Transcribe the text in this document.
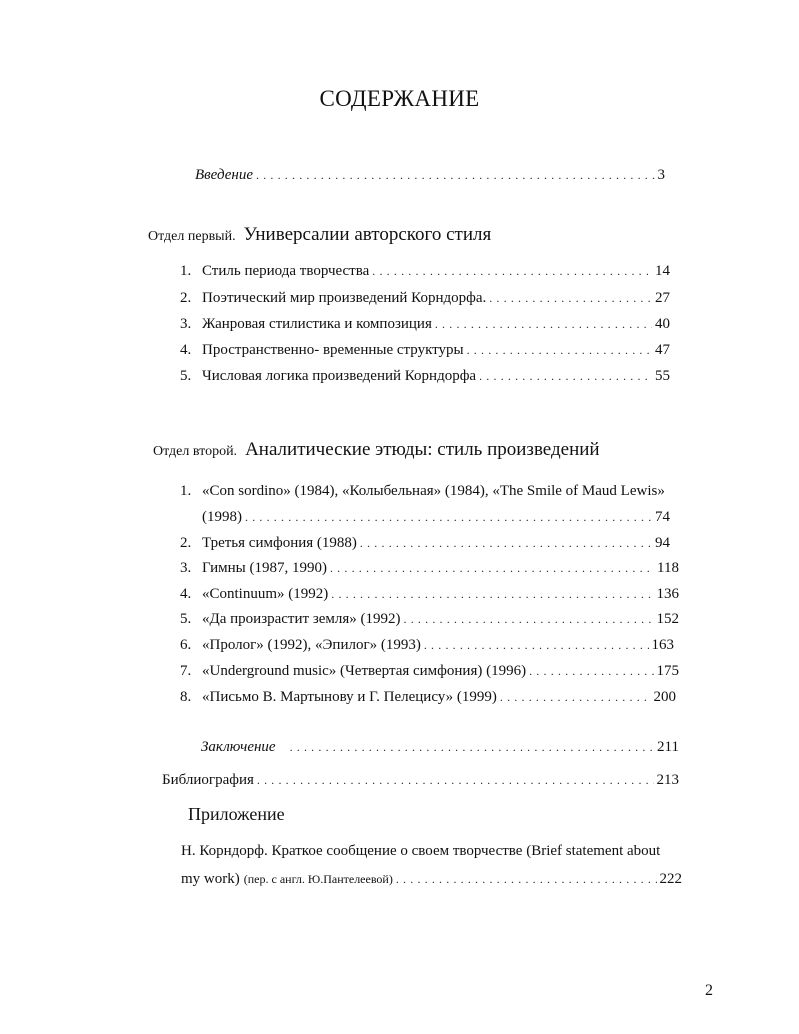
СОДЕРЖАНИЕ
Введение . . .	3
Отдел первый. Универсалии авторского стиля
1. Стиль периода творчества . . .	14
2. Поэтический мир произведений Корндорфа. . . .	27
3. Жанровая стилистика и композиция . . .	40
4. Пространственно- временные структуры . . .	47
5. Числовая логика произведений Корндорфа . . .	55
Отдел второй. Аналитические этюды: стиль произведений
1. «Con sordino» (1984), «Колыбельная» (1984), «The Smile of Maud Lewis»
(1998) . . .	74
2. Третья симфония (1988) . . .	94
3. Гимны (1987, 1990) . . .	118
4. «Continuum» (1992) . . .	136
5. «Да произрастит земля» (1992) . . .	152
6. «Пролог» (1992), «Эпилог» (1993) . . .	163
7. «Underground music» (Четвертая симфония) (1996) . . .	175
8. «Письмо В. Мартынову и Г. Пелецису» (1999) . . .	200
Заключение . . .	211
Библиография . . .	213
Приложение
Н. Корндорф. Краткое сообщение о своем творчестве (Brief statement about
my work) (пер. с англ. Ю.Пантелеевой) . . .	222
2
